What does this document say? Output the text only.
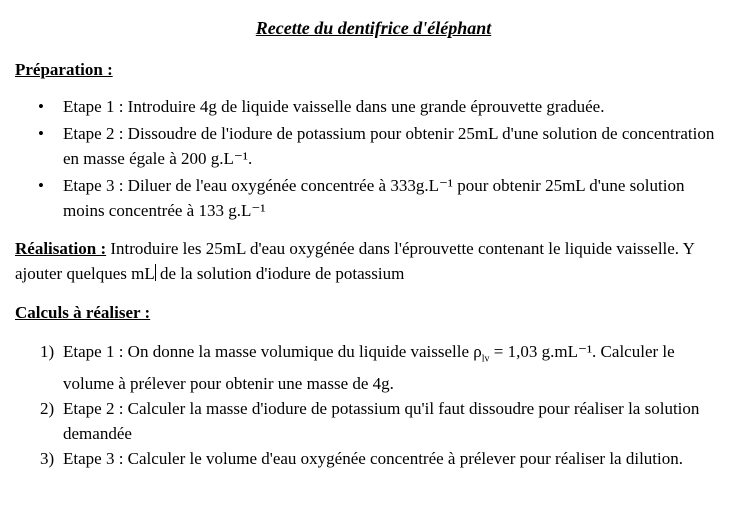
Recette du dentifrice d'éléphant
Préparation :
• Etape 1 : Introduire 4g de liquide vaisselle dans une grande éprouvette graduée.
• Etape 2 : Dissoudre de l'iodure de potassium pour obtenir 25mL d'une solution de concentration en masse égale à 200 g.L⁻¹.
• Etape 3 : Diluer de l'eau oxygénée concentrée à 333g.L⁻¹ pour obtenir 25mL d'une solution moins concentrée à 133 g.L⁻¹
Réalisation : Introduire les 25mL d'eau oxygénée dans l'éprouvette contenant le liquide vaisselle. Y ajouter quelques mL de la solution d'iodure de potassium
Calculs à réaliser :
1) Etape 1 : On donne la masse volumique du liquide vaisselle $\rho_{lv} = 1,03$ g.mL⁻¹. Calculer le volume à prélever pour obtenir une masse de 4g.
2) Etape 2 : Calculer la masse d'iodure de potassium qu'il faut dissoudre pour réaliser la solution demandée
3) Etape 3 : Calculer le volume d'eau oxygénée concentrée à prélever pour réaliser la dilution.
